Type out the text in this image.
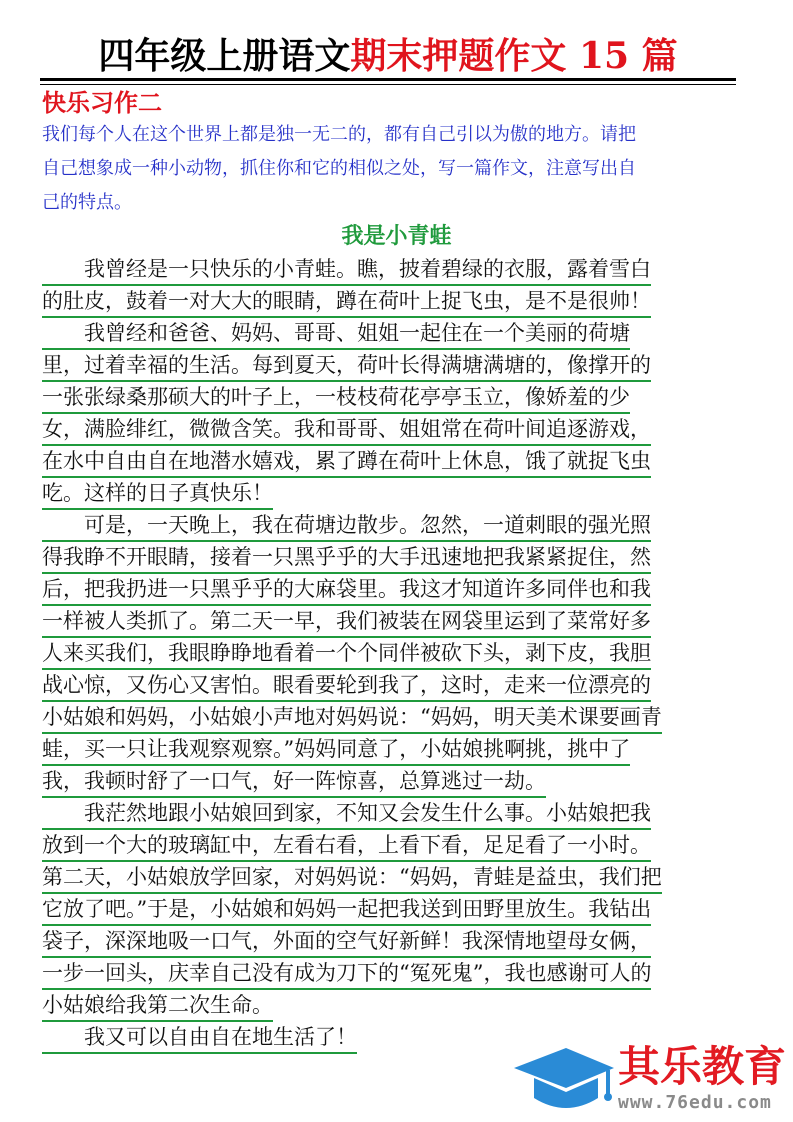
四年级上册语文期末押题作文 15 篇
快乐习作二
我们每个人在这个世界上都是独一无二的，都有自己引以为傲的地方。请把
自己想象成一种小动物，抓住你和它的相似之处，写一篇作文，注意写出自
己的特点。
我是小青蛙
　　我曾经是一只快乐的小青蛙。瞧，披着碧绿的衣服，露着雪白
的肚皮，鼓着一对大大的眼睛，蹲在荷叶上捉飞虫，是不是很帅！
　　我曾经和爸爸、妈妈、哥哥、姐姐一起住在一个美丽的荷塘
里，过着幸福的生活。每到夏天，荷叶长得满塘满塘的，像撑开的
一张张绿桑那硕大的叶子上，一枝枝荷花亭亭玉立，像娇羞的少
女，满脸绯红，微微含笑。我和哥哥、姐姐常在荷叶间追逐游戏，
在水中自由自在地潜水嬉戏，累了蹲在荷叶上休息，饿了就捉飞虫
吃。这样的日子真快乐！
　　可是，一天晚上，我在荷塘边散步。忽然，一道刺眼的强光照
得我睁不开眼睛，接着一只黑乎乎的大手迅速地把我紧紧捉住，然
后，把我扔进一只黑乎乎的大麻袋里。我这才知道许多同伴也和我
一样被人类抓了。第二天一早，我们被装在网袋里运到了菜常好多
人来买我们，我眼睁睁地看着一个个同伴被砍下头，剥下皮，我胆
战心惊，又伤心又害怕。眼看要轮到我了，这时，走来一位漂亮的
小姑娘和妈妈，小姑娘小声地对妈妈说：“妈妈，明天美术课要画青
蛙，买一只让我观察观察。”妈妈同意了，小姑娘挑啊挑，挑中了
我，我顿时舒了一口气，好一阵惊喜，总算逃过一劫。
　　我茫然地跟小姑娘回到家，不知又会发生什么事。小姑娘把我
放到一个大的玻璃缸中，左看右看，上看下看，足足看了一小时。
第二天，小姑娘放学回家，对妈妈说：“妈妈，青蛙是益虫，我们把
它放了吧。”于是，小姑娘和妈妈一起把我送到田野里放生。我钻出
袋子，深深地吸一口气，外面的空气好新鲜！我深情地望母女俩，
一步一回头，庆幸自己没有成为刀下的“冤死鬼”，我也感谢可人的
小姑娘给我第二次生命。
　　我又可以自由自在地生活了！
其乐教育
www.76edu.com
